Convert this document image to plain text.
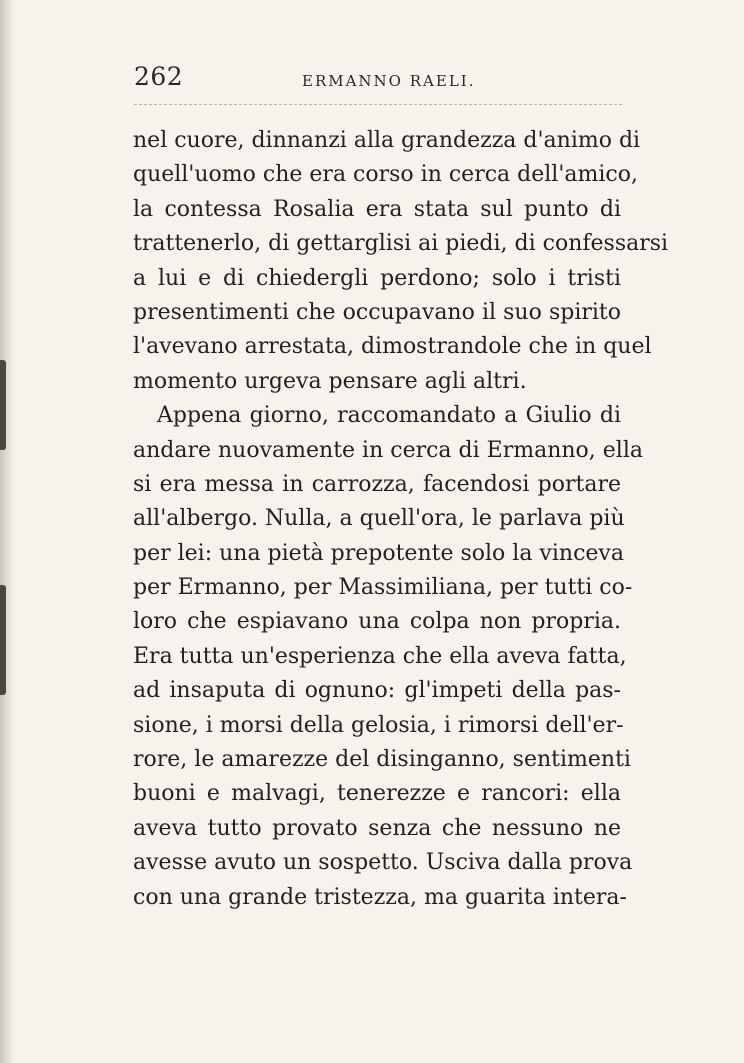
262	ERMANNO RAELI.
nel cuore, dinnanzi alla grandezza d'animo di
quell'uomo che era corso in cerca dell'amico,
la contessa Rosalia era stata sul punto di
trattenerlo, di gettarglisi ai piedi, di confessarsi
a lui e di chiedergli perdono; solo i tristi
presentimenti che occupavano il suo spirito
l'avevano arrestata, dimostrandole che in quel
momento urgeva pensare agli altri.
Appena giorno, raccomandato a Giulio di
andare nuovamente in cerca di Ermanno, ella
si era messa in carrozza, facendosi portare
all'albergo. Nulla, a quell'ora, le parlava più
per lei: una pietà prepotente solo la vinceva
per Ermanno, per Massimiliana, per tutti co-
loro che espiavano una colpa non propria.
Era tutta un'esperienza che ella aveva fatta,
ad insaputa di ognuno: gl'impeti della pas-
sione, i morsi della gelosia, i rimorsi dell'er-
rore, le amarezze del disinganno, sentimenti
buoni e malvagi, tenerezze e rancori: ella
aveva tutto provato senza che nessuno ne
avesse avuto un sospetto. Usciva dalla prova
con una grande tristezza, ma guarita intera-
